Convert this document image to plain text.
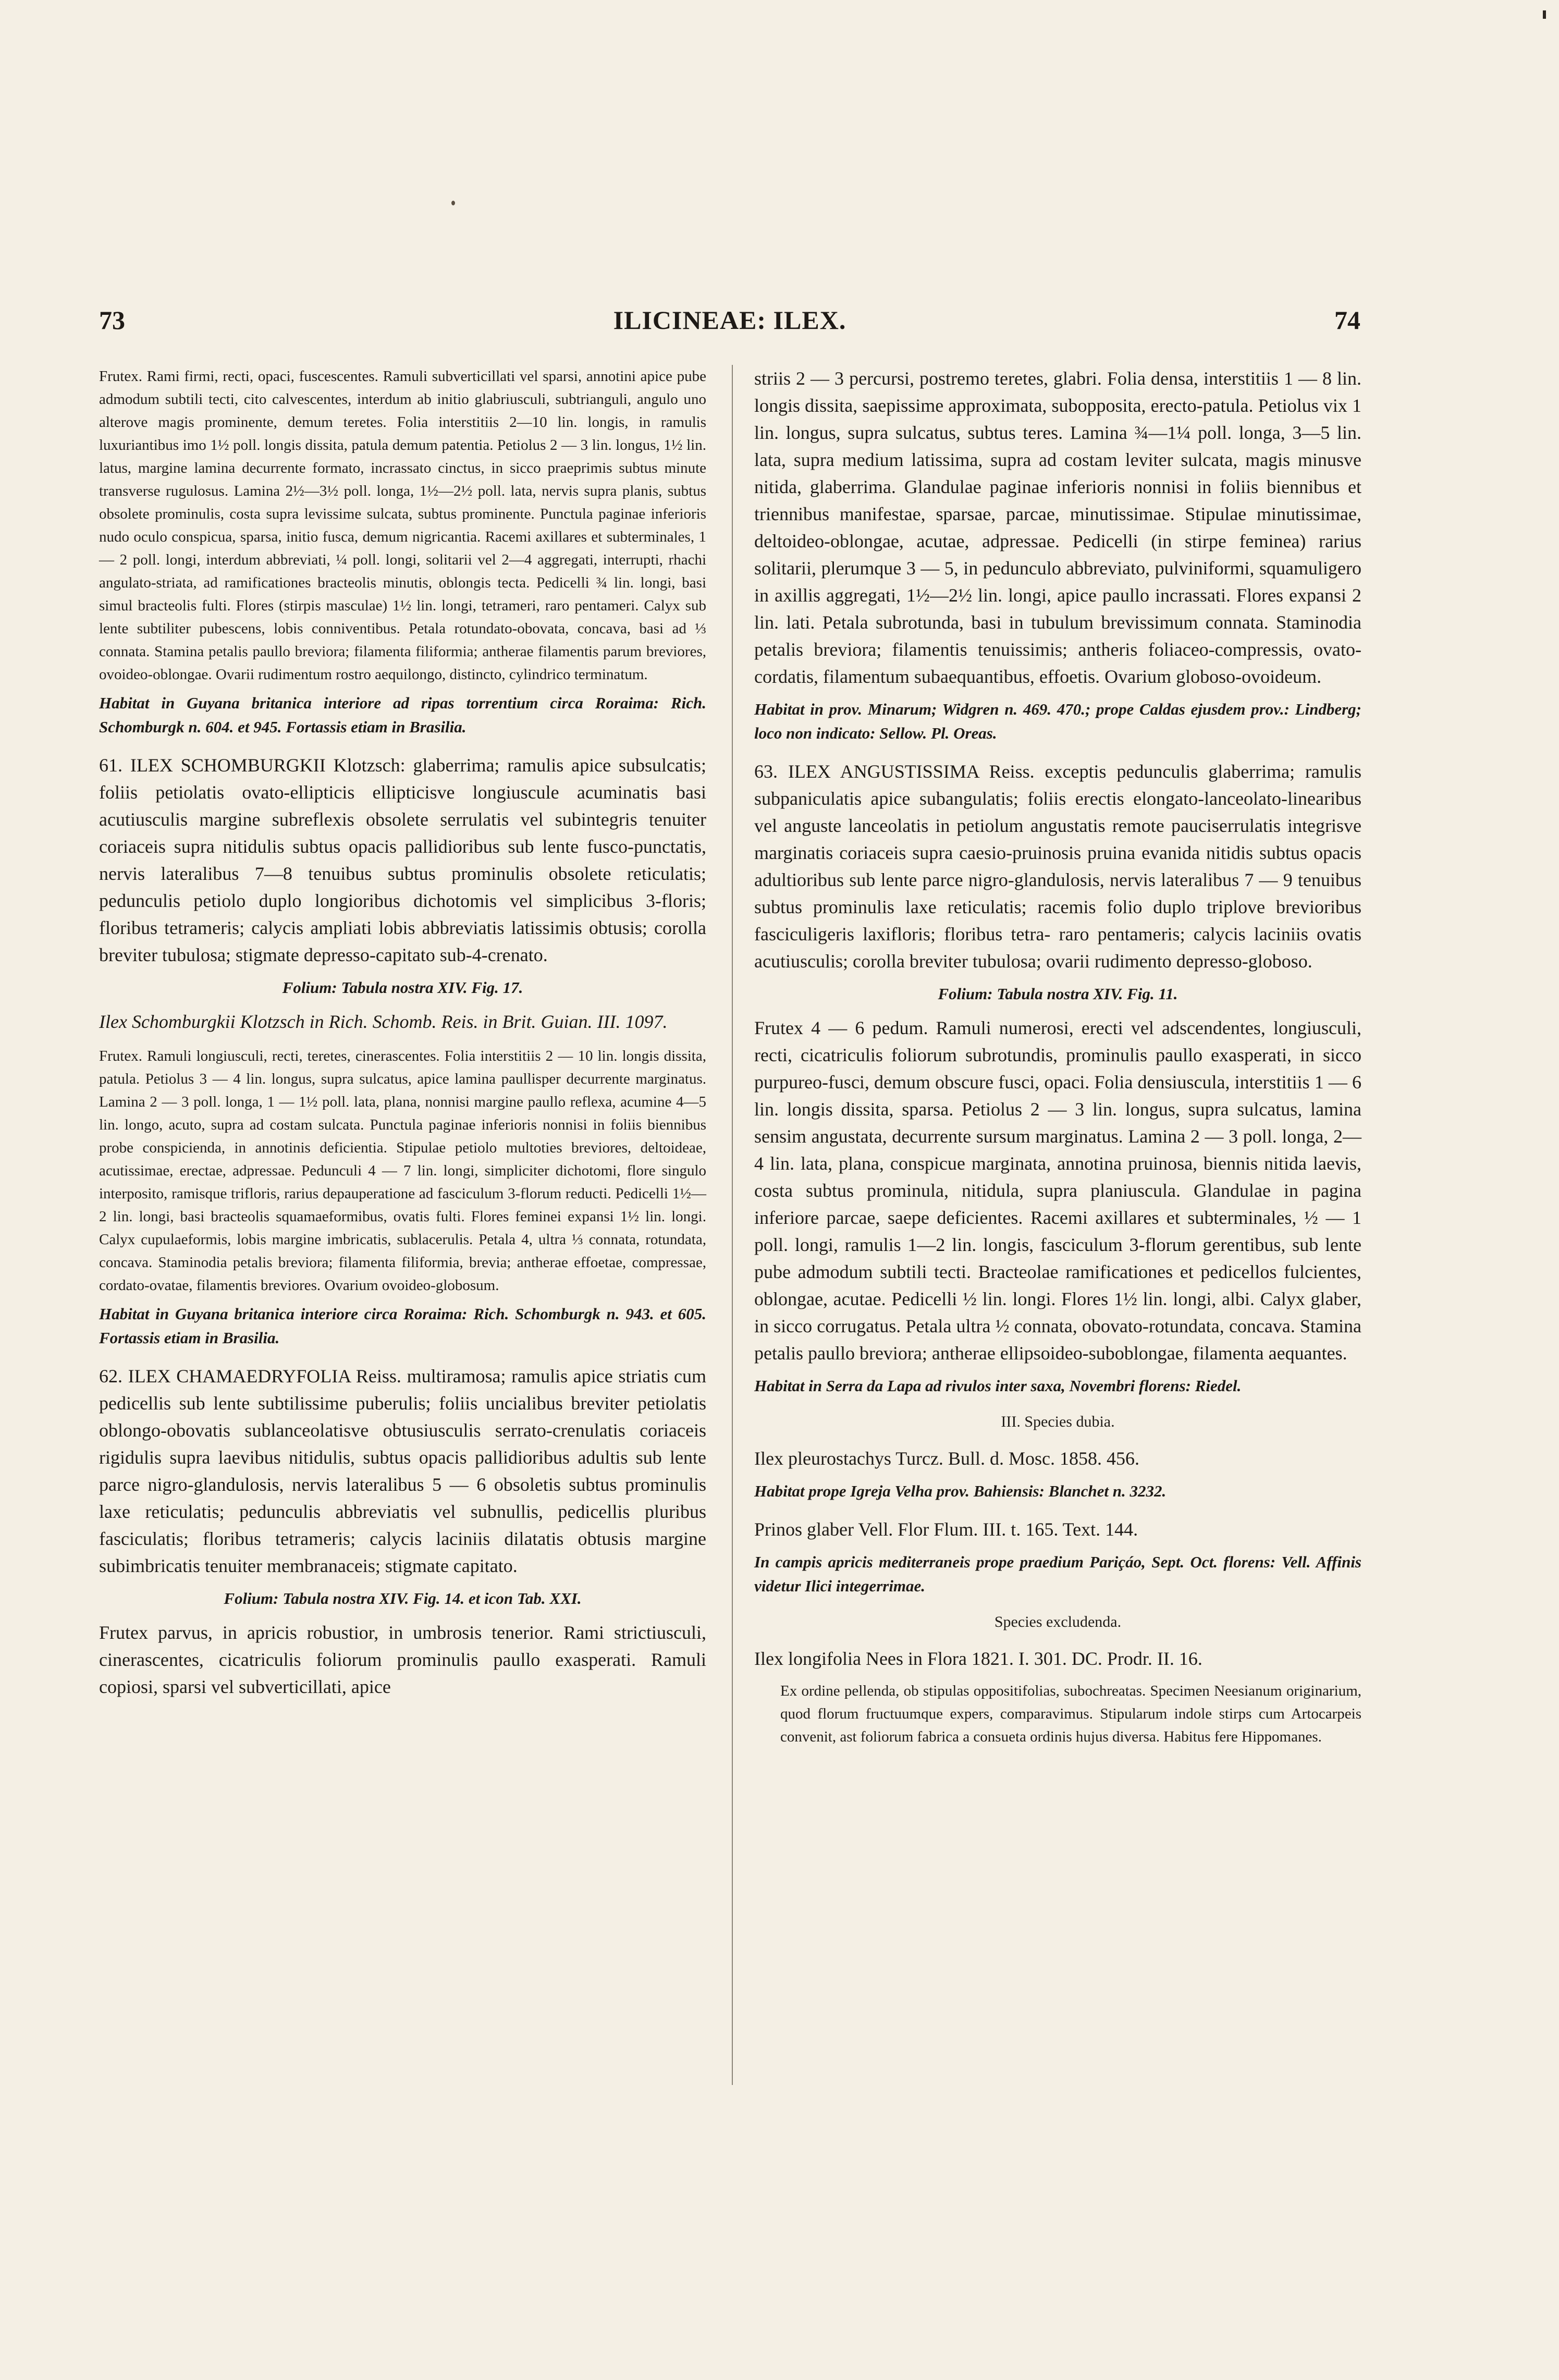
73	ILICINEAE: ILEX.	74

Frutex. Rami firmi, recti, opaci, fuscescentes. Ramuli subverticillati vel sparsi, annotini apice pube admodum subtili tecti, cito calvescentes, interdum ab initio glabriusculi, subtrianguli, angulo uno alterove magis prominente, demum teretes. Folia interstitiis 2—10 lin. longis, in ramulis luxuriantibus imo 1½ poll. longis dissita, patula demum patentia. Petiolus 2 — 3 lin. longus, 1½ lin. latus, margine lamina decurrente formato, incrassato cinctus, in sicco praeprimis subtus minute transverse rugulosus. Lamina 2½—3½ poll. longa, 1½—2½ poll. lata, nervis supra planis, subtus obsolete prominulis, costa supra levissime sulcata, subtus prominente. Punctula paginae inferioris nudo oculo conspicua, sparsa, initio fusca, demum nigricantia. Racemi axillares et subterminales, 1 — 2 poll. longi, interdum abbreviati, ¼ poll. longi, solitarii vel 2—4 aggregati, interrupti, rhachi angulato-striata, ad ramificationes bracteolis minutis, oblongis tecta. Pedicelli ¾ lin. longi, basi simul bracteolis fulti. Flores (stirpis masculae) 1½ lin. longi, tetrameri, raro pentameri. Calyx sub lente subtiliter pubescens, lobis conniventibus. Petala rotundato-obovata, concava, basi ad ⅓ connata. Stamina petalis paullo breviora; filamenta filiformia; antherae filamentis parum breviores, ovoideo-oblongae. Ovarii rudimentum rostro aequilongo, distincto, cylindrico terminatum.

Habitat in Guyana britanica interiore ad ripas torrentium circa Roraima: Rich. Schomburgk n. 604. et 945. Fortassis etiam in Brasilia.

61. ILEX SCHOMBURGKII Klotzsch: glaberrima; ramulis apice subsulcatis; foliis petiolatis ovato-ellipticis ellipticisve longiuscule acuminatis basi acutiusculis margine subreflexis obsolete serrulatis vel subintegris tenuiter coriaceis supra nitidulis subtus opacis pallidioribus sub lente fusco-punctatis, nervis lateralibus 7—8 tenuibus subtus prominulis obsolete reticulatis; pedunculis petiolo duplo longioribus dichotomis vel simplicibus 3-floris; floribus tetrameris; calycis ampliati lobis abbreviatis latissimis obtusis; corolla breviter tubulosa; stigmate depresso-capitato sub-4-crenato.

Folium: Tabula nostra XIV. Fig. 17.

Ilex Schomburgkii Klotzsch in Rich. Schomb. Reis. in Brit. Guian. III. 1097.

Frutex. Ramuli longiusculi, recti, teretes, cinerascentes. Folia interstitiis 2 — 10 lin. longis dissita, patula. Petiolus 3 — 4 lin. longus, supra sulcatus, apice lamina paullisper decurrente marginatus. Lamina 2 — 3 poll. longa, 1 — 1½ poll. lata, plana, nonnisi margine paullo reflexa, acumine 4—5 lin. longo, acuto, supra ad costam sulcata. Punctula paginae inferioris nonnisi in foliis biennibus probe conspicienda, in annotinis deficientia. Stipulae petiolo multoties breviores, deltoideae, acutissimae, erectae, adpressae. Pedunculi 4 — 7 lin. longi, simpliciter dichotomi, flore singulo interposito, ramisque trifloris, rarius depauperatione ad fasciculum 3-florum reducti. Pedicelli 1½—2 lin. longi, basi bracteolis squamaeformibus, ovatis fulti. Flores feminei expansi 1½ lin. longi. Calyx cupulaeformis, lobis margine imbricatis, sublacerulis. Petala 4, ultra ⅓ connata, rotundata, concava. Staminodia petalis breviora; filamenta filiformia, brevia; antherae effoetae, compressae, cordato-ovatae, filamentis breviores. Ovarium ovoideo-globosum.

Habitat in Guyana britanica interiore circa Roraima: Rich. Schomburgk n. 943. et 605. Fortassis etiam in Brasilia.

62. ILEX CHAMAEDRYFOLIA Reiss. multiramosa; ramulis apice striatis cum pedicellis sub lente subtilissime puberulis; foliis uncialibus breviter petiolatis oblongo-obovatis sublanceolatisve obtusiusculis serrato-crenulatis coriaceis rigidulis supra laevibus nitidulis, subtus opacis pallidioribus adultis sub lente parce nigro-glandulosis, nervis lateralibus 5 — 6 obsoletis subtus prominulis laxe reticulatis; pedunculis abbreviatis vel subnullis, pedicellis pluribus fasciculatis; floribus tetrameris; calycis laciniis dilatatis obtusis margine subimbricatis tenuiter membranaceis; stigmate capitato.

Folium: Tabula nostra XIV. Fig. 14. et icon Tab. XXI.

Frutex parvus, in apricis robustior, in umbrosis tenerior. Rami strictiusculi, cinerascentes, cicatriculis foliorum prominulis paullo exasperati. Ramuli copiosi, sparsi vel subverticillati, apice

striis 2 — 3 percursi, postremo teretes, glabri. Folia densa, interstitiis 1 — 8 lin. longis dissita, saepissime approximata, subopposita, erecto-patula. Petiolus vix 1 lin. longus, supra sulcatus, subtus teres. Lamina ¾—1¼ poll. longa, 3—5 lin. lata, supra medium latissima, supra ad costam leviter sulcata, magis minusve nitida, glaberrima. Glandulae paginae inferioris nonnisi in foliis biennibus et triennibus manifestae, sparsae, parcae, minutissimae. Stipulae minutissimae, deltoideo-oblongae, acutae, adpressae. Pedicelli (in stirpe feminea) rarius solitarii, plerumque 3 — 5, in pedunculo abbreviato, pulviniformi, squamuligero in axillis aggregati, 1½—2½ lin. longi, apice paullo incrassati. Flores expansi 2 lin. lati. Petala subrotunda, basi in tubulum brevissimum connata. Staminodia petalis breviora; filamentis tenuissimis; antheris foliaceo-compressis, ovato-cordatis, filamentum subaequantibus, effoetis. Ovarium globoso-ovoideum.

Habitat in prov. Minarum; Widgren n. 469. 470.; prope Caldas ejusdem prov.: Lindberg; loco non indicato: Sellow. Pl. Oreas.

63. ILEX ANGUSTISSIMA Reiss. exceptis pedunculis glaberrima; ramulis subpaniculatis apice subangulatis; foliis erectis elongato-lanceolato-linearibus vel anguste lanceolatis in petiolum angustatis remote pauciserrulatis integrisve marginatis coriaceis supra caesio-pruinosis pruina evanida nitidis subtus opacis adultioribus sub lente parce nigro-glandulosis, nervis lateralibus 7 — 9 tenuibus subtus prominulis laxe reticulatis; racemis folio duplo triplove brevioribus fasciculigeris laxifloris; floribus tetra- raro pentameris; calycis laciniis ovatis acutiusculis; corolla breviter tubulosa; ovarii rudimento depresso-globoso.

Folium: Tabula nostra XIV. Fig. 11.

Frutex 4 — 6 pedum. Ramuli numerosi, erecti vel adscendentes, longiusculi, recti, cicatriculis foliorum subrotundis, prominulis paullo exasperati, in sicco purpureo-fusci, demum obscure fusci, opaci. Folia densiuscula, interstitiis 1 — 6 lin. longis dissita, sparsa. Petiolus 2 — 3 lin. longus, supra sulcatus, lamina sensim angustata, decurrente sursum marginatus. Lamina 2 — 3 poll. longa, 2—4 lin. lata, plana, conspicue marginata, annotina pruinosa, biennis nitida laevis, costa subtus prominula, nitidula, supra planiuscula. Glandulae in pagina inferiore parcae, saepe deficientes. Racemi axillares et subterminales, ½ — 1 poll. longi, ramulis 1—2 lin. longis, fasciculum 3-florum gerentibus, sub lente pube admodum subtili tecti. Bracteolae ramificationes et pedicellos fulcientes, oblongae, acutae. Pedicelli ½ lin. longi. Flores 1½ lin. longi, albi. Calyx glaber, in sicco corrugatus. Petala ultra ½ connata, obovato-rotundata, concava. Stamina petalis paullo breviora; antherae ellipsoideo-suboblongae, filamenta aequantes.

Habitat in Serra da Lapa ad rivulos inter saxa, Novembri florens: Riedel.

III. Species dubia.

Ilex pleurostachys Turcz. Bull. d. Mosc. 1858. 456.

Habitat prope Igreja Velha prov. Bahiensis: Blanchet n. 3232.

Prinos glaber Vell. Flor Flum. III. t. 165. Text. 144.

In campis apricis mediterraneis prope praedium Pariçáo, Sept. Oct. florens: Vell. Affinis videtur Ilici integerrimae.

Species excludenda.

Ilex longifolia Nees in Flora 1821. I. 301. DC. Prodr. II. 16.

Ex ordine pellenda, ob stipulas oppositifolias, subochreatas. Specimen Neesianum originarium, quod florum fructuumque expers, comparavimus. Stipularum indole stirps cum Artocarpeis convenit, ast foliorum fabrica a consueta ordinis hujus diversa. Habitus fere Hippomanes.
